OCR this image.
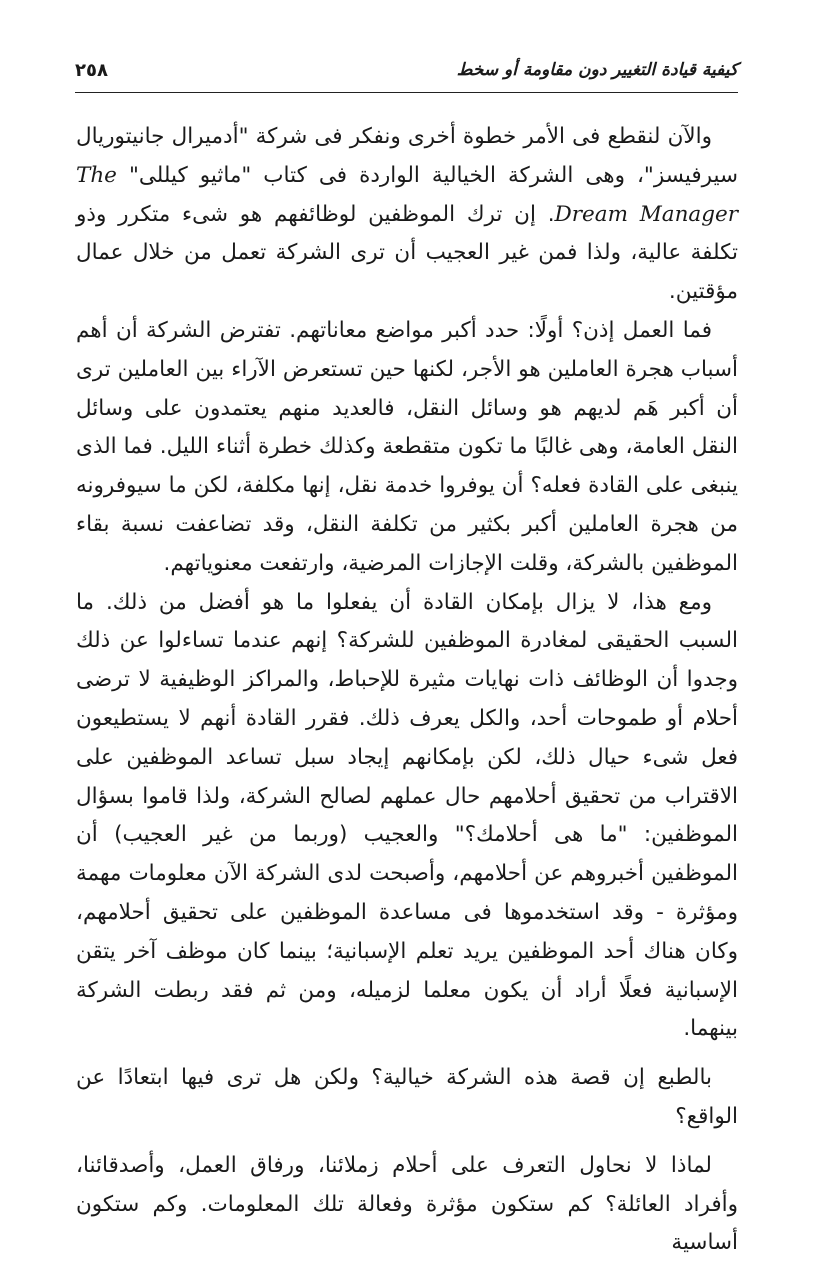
كيفية قيادة التغيير دون مقاومة أو سخط
٢٥٨

والآن لنقطع فى الأمر خطوة أخرى ونفكر فى شركة "أدميرال جانيتوريال سيرفيسز"، وهى الشركة الخيالية الواردة فى كتاب "ماثيو كيللى" The Dream Manager. إن ترك الموظفين لوظائفهم هو شىء متكرر وذو تكلفة عالية، ولذا فمن غير العجيب أن ترى الشركة تعمل من خلال عمال مؤقتين.

فما العمل إذن؟ أولًا: حدد أكبر مواضع معاناتهم. تفترض الشركة أن أهم أسباب هجرة العاملين هو الأجر، لكنها حين تستعرض الآراء بين العاملين ترى أن أكبر هَم لديهم هو وسائل النقل، فالعديد منهم يعتمدون على وسائل النقل العامة، وهى غالبًا ما تكون متقطعة وكذلك خطرة أثناء الليل. فما الذى ينبغى على القادة فعله؟ أن يوفروا خدمة نقل، إنها مكلفة، لكن ما سيوفرونه من هجرة العاملين أكبر بكثير من تكلفة النقل، وقد تضاعفت نسبة بقاء الموظفين بالشركة، وقلت الإجازات المرضية، وارتفعت معنوياتهم.

ومع هذا، لا يزال بإمكان القادة أن يفعلوا ما هو أفضل من ذلك. ما السبب الحقيقى لمغادرة الموظفين للشركة؟ إنهم عندما تساءلوا عن ذلك وجدوا أن الوظائف ذات نهايات مثيرة للإحباط، والمراكز الوظيفية لا ترضى أحلام أو طموحات أحد، والكل يعرف ذلك. فقرر القادة أنهم لا يستطيعون فعل شىء حيال ذلك، لكن بإمكانهم إيجاد سبل تساعد الموظفين على الاقتراب من تحقيق أحلامهم حال عملهم لصالح الشركة، ولذا قاموا بسؤال الموظفين: "ما هى أحلامك؟" والعجيب (وربما من غير العجيب) أن الموظفين أخبروهم عن أحلامهم، وأصبحت لدى الشركة الآن معلومات مهمة ومؤثرة - وقد استخدموها فى مساعدة الموظفين على تحقيق أحلامهم، وكان هناك أحد الموظفين يريد تعلم الإسبانية؛ بينما كان موظف آخر يتقن الإسبانية فعلًا أراد أن يكون معلما لزميله، ومن ثم فقد ربطت الشركة بينهما.

بالطبع إن قصة هذه الشركة خيالية؟ ولكن هل ترى فيها ابتعادًا عن الواقع؟

لماذا لا نحاول التعرف على أحلام زملائنا، ورفاق العمل، وأصدقائنا، وأفراد العائلة؟ كم ستكون مؤثرة وفعالة تلك المعلومات. وكم ستكون أساسية
